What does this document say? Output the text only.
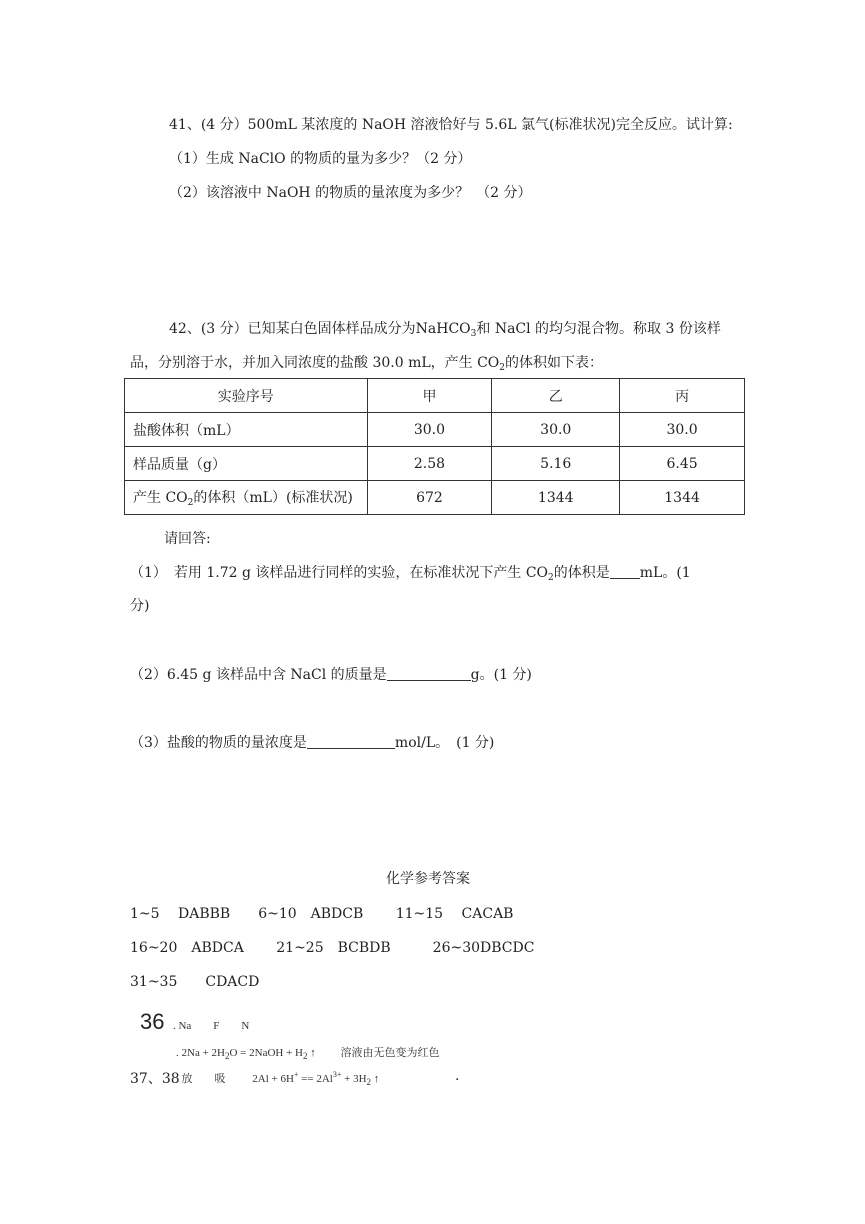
41、(4 分）500mL 某浓度的 NaOH 溶液恰好与 5.6L 氯气(标准状况)完全反应。试计算:
（1）生成 NaClO 的物质的量为多少？（2 分）
（2）该溶液中 NaOH 的物质的量浓度为多少？　（2 分）
42、(3 分）已知某白色固体样品成分为NaHCO$_3$和 NaCl 的均匀混合物。称取 3 份该样
品，分别溶于水，并加入同浓度的盐酸 30.0 mL，产生 $CO_2$的体积如下表：
实验序号	甲	乙	丙
盐酸体积（mL）	30.0	30.0	30.0
样品质量（g）	2.58	5.16	6.45
产生 $CO_2$的体积（mL）(标准状况)	672	1344	1344
请回答:
（1）　若用 1.72 g 该样品进行同样的实验，在标准状况下产生 $CO_2$的体积是 mL。(1
分)
（2）6.45 g 该样品中含 NaCl 的质量是	g。(1 分)
（3）盐酸的物质的量浓度是	mol/L。　(1 分)
化学参考答案
1~5　 DABBB　　6~10　ABDCB　　 11~15　 CACAB
16~20　ABDCA　　 21~25　BCBDB　　　26~30DBCDC
31~35　　CDACD
36 . Na　　F　　N
. $2Na + 2H_2O$ = 2NaOH + $H_2$ ↑ 溶液由无色变为红色
37、38
. 放　　吸 $2Al + 6H^+ == 2Al^{3+} + 3H_2$ ↑	.
